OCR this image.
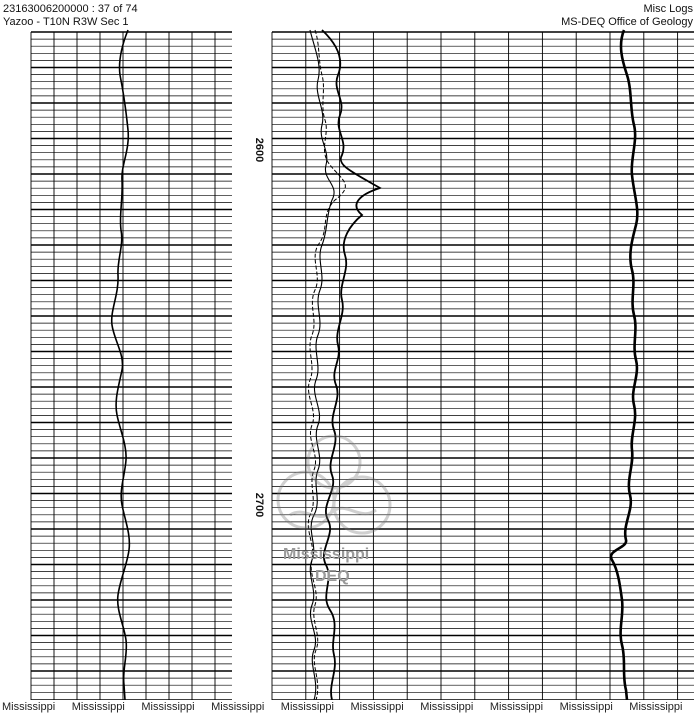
23163006200000 : 37 of 74
Yazoo - T10N R3W Sec 1
Misc Logs
MS-DEQ Office of Geology
2600
2700
Mississippi
DEQ
Mississippi Mississippi Mississippi Mississippi Mississippi Mississippi Mississippi Mississippi Mississippi Mississippi
